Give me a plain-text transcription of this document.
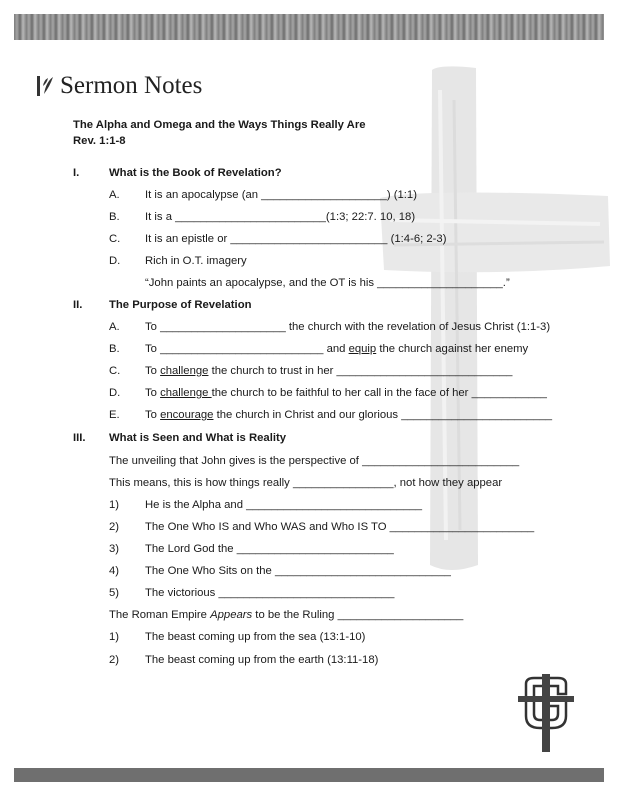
Sermon Notes
The Alpha and Omega and the Ways Things Really Are
Rev. 1:1-8
I.	What is the Book of Revelation?
A. It is an apocalypse (an ____________________) (1:1)
B. It is a ________________________(1:3; 22:7. 10, 18)
C. It is an epistle or _________________________ (1:4-6; 2-3)
D. Rich in O.T. imagery
“John paints an apocalypse, and the OT is his ____________________.”
II. The Purpose of Revelation
A. To ____________________ the church with the revelation of Jesus Christ (1:1-3)
B. To __________________________ and equip the church against her enemy
C. To challenge the church to trust in her ____________________________
D. To challenge the church to be faithful to her call in the face of her ____________
E. To encourage the church in Christ and our glorious ________________________
III. What is Seen and What is Reality
The unveiling that John gives is the perspective of _________________________
This means, this is how things really ________________, not how they appear
1) He is the Alpha and ____________________________
2) The One Who IS and Who WAS and Who IS TO _______________________
3) The Lord God the _________________________
4) The One Who Sits on the ____________________________
5) The victorious ____________________________
The Roman Empire Appears to be the Ruling ____________________
1) The beast coming up from the sea (13:1-10)
2) The beast coming up from the earth (13:11-18)
